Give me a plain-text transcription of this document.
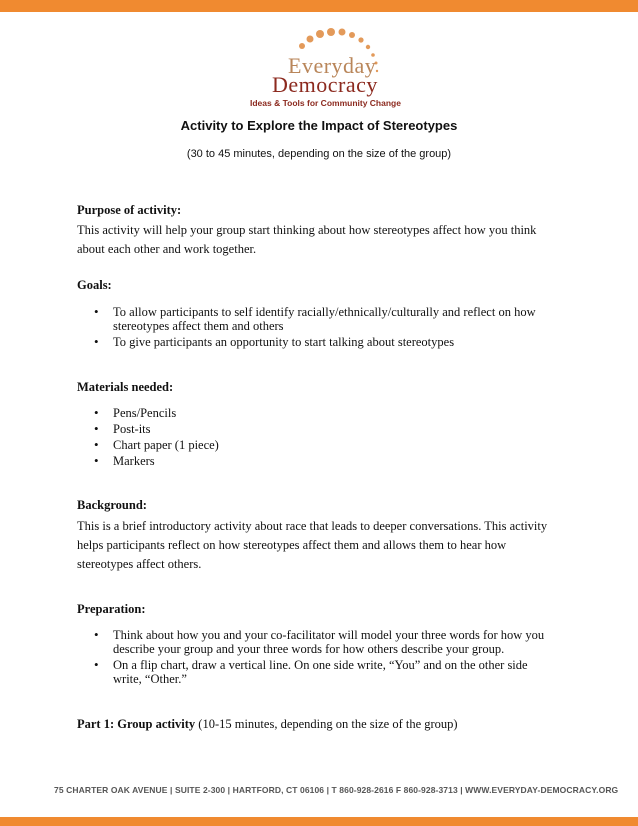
Everyday
Democracy
Ideas & Tools for Community Change
Activity to Explore the Impact of Stereotypes
(30 to 45 minutes, depending on the size of the group)
Purpose of activity:
This activity will help your group start thinking about how stereotypes affect how you think about each other and work together.
Goals:
• To allow participants to self identify racially/ethnically/culturally and reflect on how stereotypes affect them and others
• To give participants an opportunity to start talking about stereotypes
Materials needed:
• Pens/Pencils
• Post-its
• Chart paper (1 piece)
• Markers
Background:
This is a brief introductory activity about race that leads to deeper conversations. This activity helps participants reflect on how stereotypes affect them and allows them to hear how stereotypes affect others.
Preparation:
• Think about how you and your co-facilitator will model your three words for how you describe your group and your three words for how others describe your group.
• On a flip chart, draw a vertical line. On one side write, “You” and on the other side write, “Other.”
Part 1: Group activity (10-15 minutes, depending on the size of the group)
75 CHARTER OAK AVENUE | SUITE 2-300 | HARTFORD, CT 06106 | T 860-928-2616 F 860-928-3713 | WWW.EVERYDAY-DEMOCRACY.ORG
